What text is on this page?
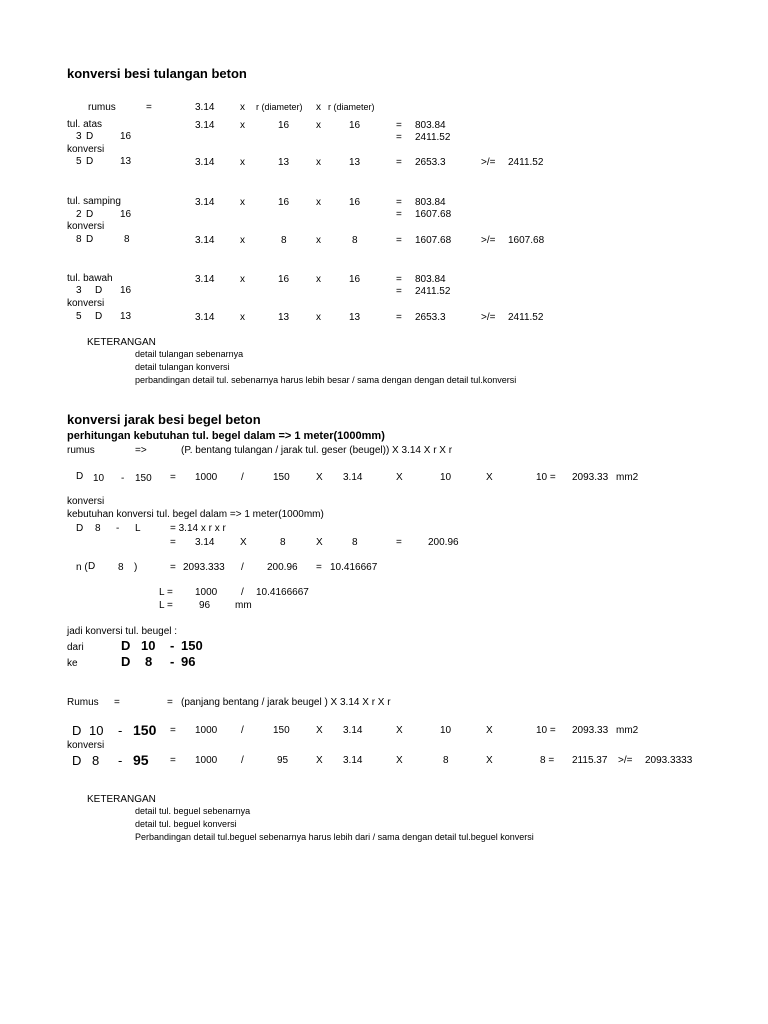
konversi besi tulangan beton
rumus	=	3.14	x r (diameter) x r (diameter)
tul. atas	3.14	x	16	x	16	= 803.84
3 D	16	= 2411.52
konversi
5 D	13	3.14	x	13	x	13	= 2653.3	>/= 2411.52
tul. samping	3.14	x	16	x	16	= 803.84
2 D	16	= 1607.68
konversi
8 D	8	3.14	x	8	x	8	= 1607.68	>/= 1607.68
tul. bawah	3.14	x	16	x	16	= 803.84
3 D 16	= 2411.52
konversi
5 D 13	3.14	x	13	x	13	= 2653.3	>/= 2411.52
KETERANGAN
detail tulangan sebenarnya
detail tulangan konversi
perbandingan detail tul. sebenarnya harus lebih besar / sama dengan dengan detail tul.konversi
konversi jarak besi begel beton
perhitungan kebutuhan tul. begel dalam => 1 meter(1000mm)
rumus	=>	(P. bentang tulangan / jarak tul. geser (beugel)) X 3.14 X r X r
D 10 - 150 = 1000 /	150	X 3.14	X	10	X	10 = 2093.33 mm2
konversi
kebutuhan konversi tul. begel dalam => 1 meter(1000mm)
D 8 - L	= 3.14 x r x r
= 3.14	X	8	X	8	=	200.96
n ( D 8 )	= 2093.333 / 200.96 = 10.416667
L = 1000 / 10.4166667
L =	96 mm
jadi konversi tul. beugel :
dari	D 10 - 150
ke	D 8 - 96
Rumus =	= (panjang bentang / jarak beugel ) X 3.14 X r X r
D 10 - 150 = 1000 /	150	X 3.14	X	10	X	10 = 2093.33 mm2
konversi
D 8 - 95 = 1000 /	95	X 3.14	X	8	X	8 = 2115.37 >/= 2093.3333
KETERANGAN
detail tul. beguel sebenarnya
detail tul. beguel konversi
Perbandingan detail tul.beguel sebenarnya harus lebih dari / sama dengan detail tul.beguel konversi
